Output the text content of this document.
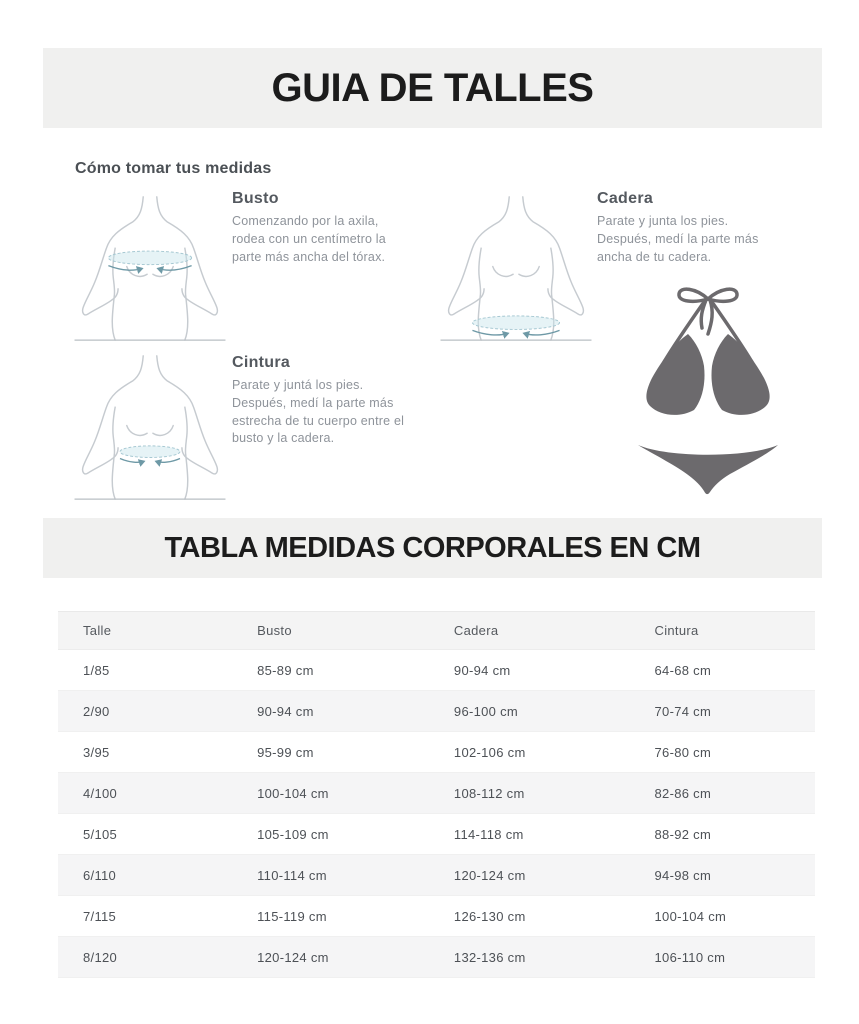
GUIA DE TALLES
Cómo tomar tus medidas
Busto
Comenzando por la axila, rodea con un centímetro la parte más ancha del tórax.
Cadera
Parate y junta los pies. Después, medí la parte más ancha de tu cadera.
Cintura
Parate y juntá los pies. Después, medí la parte más estrecha de tu cuerpo entre el busto y la cadera.
TABLA MEDIDAS CORPORALES EN CM
Talle	Busto	Cadera	Cintura
1/85	85-89 cm	90-94 cm	64-68 cm
2/90	90-94 cm	96-100 cm	70-74 cm
3/95	95-99 cm	102-106 cm	76-80 cm
4/100	100-104 cm	108-112 cm	82-86 cm
5/105	105-109 cm	114-118 cm	88-92 cm
6/110	110-114 cm	120-124 cm	94-98 cm
7/115	115-119 cm	126-130 cm	100-104 cm
8/120	120-124 cm	132-136 cm	106-110 cm
